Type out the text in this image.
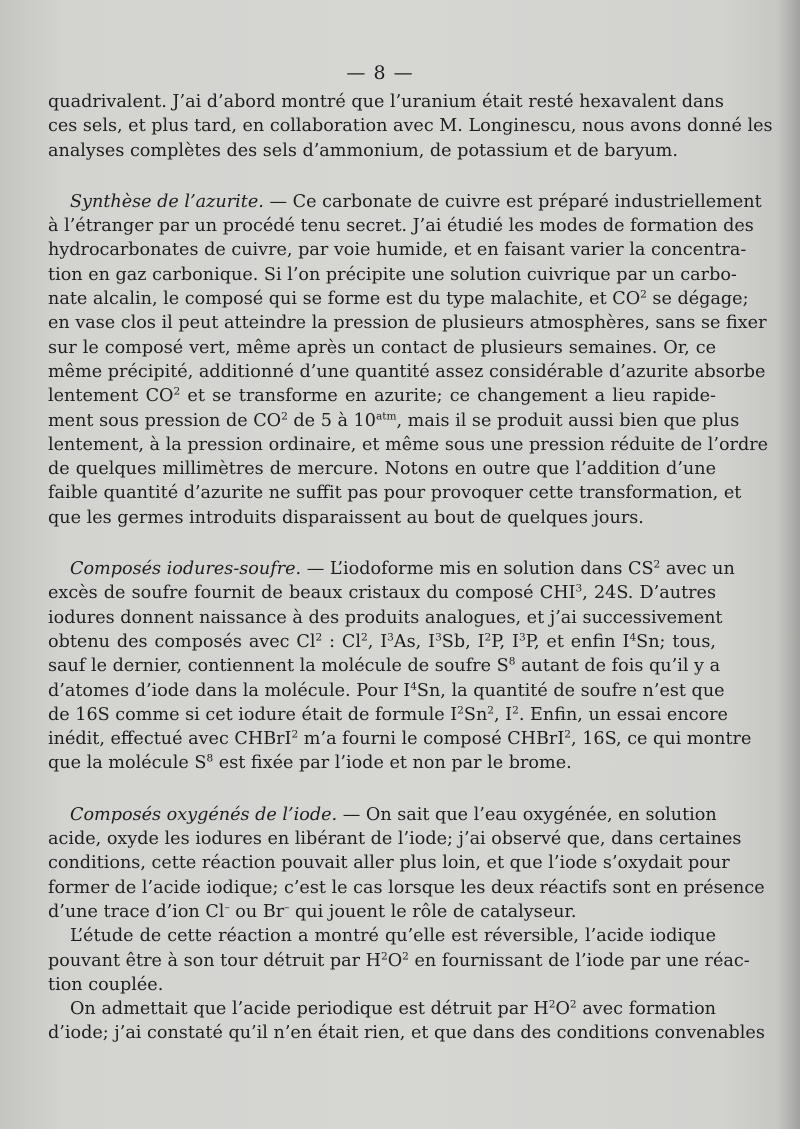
— 8 —

quadrivalent. J’ai d’abord montré que l’uranium était resté hexavalent dans
ces sels, et plus tard, en collaboration avec M. Longinescu, nous avons donné les
analyses complètes des sels d’ammonium, de potassium et de baryum.

Synthèse de l’azurite. — Ce carbonate de cuivre est préparé industriellement
à l’étranger par un procédé tenu secret. J’ai étudié les modes de formation des
hydrocarbonates de cuivre, par voie humide, et en faisant varier la concentra-
tion en gaz carbonique. Si l’on précipite une solution cuivrique par un carbo-
nate alcalin, le composé qui se forme est du type malachite, et $CO^2$ se dégage;
en vase clos il peut atteindre la pression de plusieurs atmosphères, sans se fixer
sur le composé vert, même après un contact de plusieurs semaines. Or, ce
même précipité, additionné d’une quantité assez considérable d’azurite absorbe
lentement $CO^2$ et se transforme en azurite; ce changement a lieu rapide-
ment sous pression de $CO^2$ de 5 à $10^{atm}$, mais il se produit aussi bien que plus
lentement, à la pression ordinaire, et même sous une pression réduite de l’ordre
de quelques millimètres de mercure. Notons en outre que l’addition d’une
faible quantité d’azurite ne suffit pas pour provoquer cette transformation, et
que les germes introduits disparaissent au bout de quelques jours.

Composés iodures-soufre. — L’iodoforme mis en solution dans $CS^2$ avec un
excès de soufre fournit de beaux cristaux du composé CHI$^3$, 24S. D’autres
iodures donnent naissance à des produits analogues, et j’ai successivement
obtenu des composés avec Cl$^2$ : Cl$^2$, $I^3As$, $I^3Sb$, $I^2P$, $I^3P$, et enfin $I^4Sn$; tous,
sauf le dernier, contiennent la molécule de soufre $S^8$ autant de fois qu’il y a
d’atomes d’iode dans la molécule. Pour $I^4Sn$, la quantité de soufre n’est que
de 16S comme si cet iodure était de formule $I^2Sn^2$, $I^2$. Enfin, un essai encore
inédit, effectué avec CHBrI$^2$ m’a fourni le composé CHBrI$^2$, 16S, ce qui montre
que la molécule $S^8$ est fixée par l’iode et non par le brome.

Composés oxygénés de l’iode. — On sait que l’eau oxygénée, en solution
acide, oxyde les iodures en libérant de l’iode; j’ai observé que, dans certaines
conditions, cette réaction pouvait aller plus loin, et que l’iode s’oxydait pour
former de l’acide iodique; c’est le cas lorsque les deux réactifs sont en présence
d’une trace d’ion Cl– ou Br– qui jouent le rôle de catalyseur.
L’étude de cette réaction a montré qu’elle est réversible, l’acide iodique
pouvant être à son tour détruit par $H^2O^2$ en fournissant de l’iode par une réac-
tion couplée.
On admettait que l’acide periodique est détruit par $H^2O^2$ avec formation
d’iode; j’ai constaté qu’il n’en était rien, et que dans des conditions convenables
